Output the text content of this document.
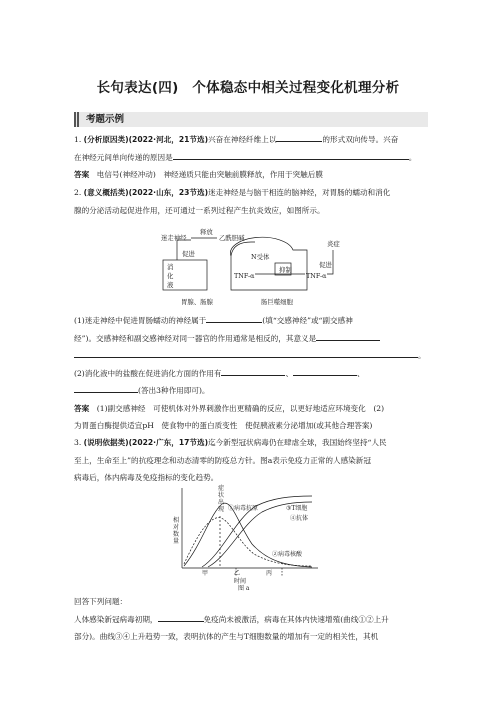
长句表达(四)　个体稳态中相关过程变化机理分析
考题示例
1. (分析原因类)(2022·河北，21节选)兴奋在神经纤维上以	的形式双向传导。兴奋
在神经元间单向传递的原因是	。
答案　 电信号(神经冲动)　神经递质只能由突触前膜释放，作用于突触后膜
2. (意义概括类)(2022·山东，23节选)迷走神经是与脑干相连的脑神经，对胃肠的蠕动和消化
腺的分泌活动起促进作用，还可通过一系列过程产生抗炎效应，如图所示。
迷走神经
释放
乙酰胆碱
促进	N受体
炎症
消
化
液
抑制
促进
TNF-α	TNF-α
胃腺、肠腺	肠巨噬细胞
(1)迷走神经中促进胃肠蠕动的神经属于	(填“交感神经”或“副交感神
经”)。交感神经和副交感神经对同一器官的作用通常是相反的，其意义是
。
(2)消化液中的盐酸在促进消化方面的作用有	、	、
(答出3种作用即可)。
答案　 (1)副交感神经　可使机体对外界刺激作出更精确的反应，以更好地适应环境变化　(2)
为胃蛋白酶提供适宜pH　使食物中的蛋白质变性　使促胰液素分泌增加(或其他合理答案)
3. (说明依据类)(2022·广东，17节选)迄今新型冠状病毒仍在肆虐全球，我国始终坚持“人民
至上，生命至上”的抗疫理念和动态清零的防疫总方针。图a表示免疫力正常的人感染新冠
病毒后，体内病毒及免疫指标的变化趋势。
症
状
出
现
相对数量
①病毒抗原
②病毒核酸
③T细胞
④抗体
甲	乙	丙
时间
图 a
回答下列问题：
人体感染新冠病毒初期，	免疫尚未被激活，病毒在其体内快速增殖(曲线①②上升
部分)。曲线③④上升趋势一致，表明抗体的产生与T细胞数量的增加有一定的相关性，其机
